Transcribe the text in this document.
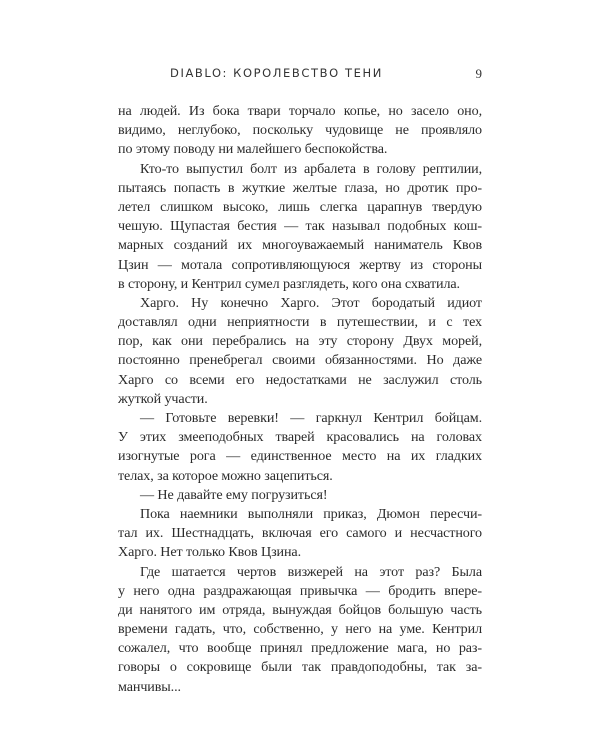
DIABLO: КОРОЛЕВСТВО ТЕНИ	9

на людей. Из бока твари торчало копье, но засело оно,
видимо, неглубоко, поскольку чудовище не проявляло
по этому поводу ни малейшего беспокойства.

Кто-то выпустил болт из арбалета в голову рептилии,
пытаясь попасть в жуткие желтые глаза, но дротик про-
летел слишком высоко, лишь слегка царапнув твердую
чешую. Щупастая бестия — так называл подобных кош-
марных созданий их многоуважаемый наниматель Квов
Цзин — мотала сопротивляющуюся жертву из стороны
в сторону, и Кентрил сумел разглядеть, кого она схватила.

Харго. Ну конечно Харго. Этот бородатый идиот
доставлял одни неприятности в путешествии, и с тех
пор, как они перебрались на эту сторону Двух морей,
постоянно пренебрегал своими обязанностями. Но даже
Харго со всеми его недостатками не заслужил столь
жуткой участи.

— Готовьте веревки! — гаркнул Кентрил бойцам.
У этих змееподобных тварей красовались на головах
изогнутые рога — единственное место на их гладких
телах, за которое можно зацепиться.

— Не давайте ему погрузиться!

Пока наемники выполняли приказ, Дюмон пересчи-
тал их. Шестнадцать, включая его самого и несчастного
Харго. Нет только Квов Цзина.

Где шатается чертов визжерей на этот раз? Была
у него одна раздражающая привычка — бродить впере-
ди нанятого им отряда, вынуждая бойцов большую часть
времени гадать, что, собственно, у него на уме. Кентрил
сожалел, что вообще принял предложение мага, но раз-
говоры о сокровище были так правдоподобны, так за-
манчивы...
